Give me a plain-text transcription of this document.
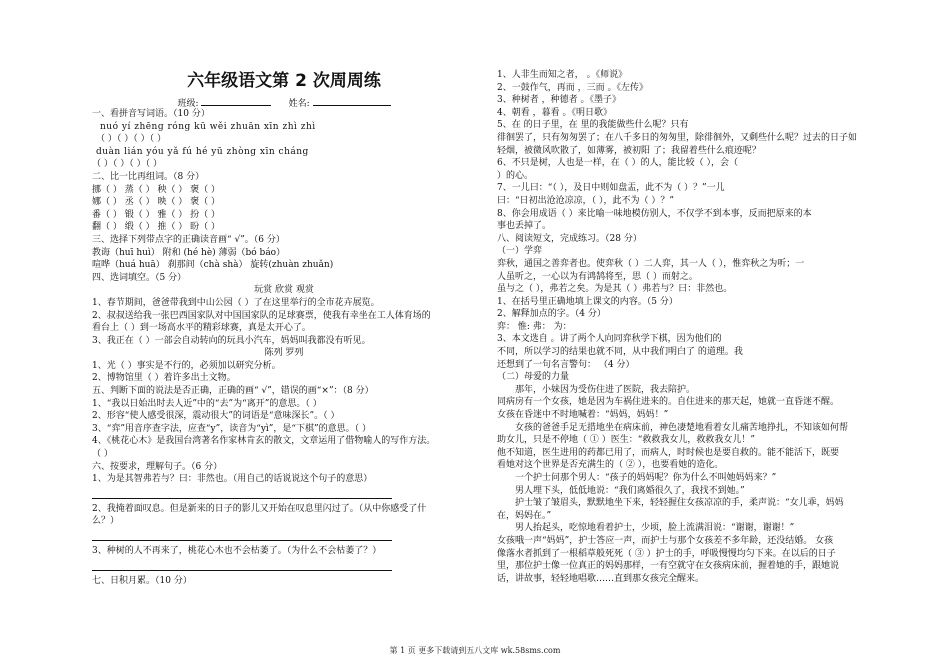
六年级语文第 2 次周周练
班级:	姓名:
一、看拼音写词语。（10 分）
nuó yí zhēng róng kū wěi zhuān xīn zhì zhì
（ ）（ ）（ ）（ ）
duàn lián yóu yǎ fú hé yū zhòng xīn cháng
（ ）（ ）（ ）（ ）
二、比一比再组词。（8 分）
挪（ ） 蒸（ ） 秧（ ） 褒（ ）
娜（ ） 丞（ ） 映（ ） 褒（ ）
番（ ） 锻（ ） 雅（ ） 扮（ ）
翻（ ） 缎（ ） 推（ ） 盼（ ）
三、选择下列带点字的正确读音画“ √”。（6 分）
教诲（huī huì） 附和 (hé hè) 薄弱（bó báo）
喧哗（huá huā） 刹那间（chà shà） 旋转(zhuàn zhuǎn)
四、选词填空。（5 分）
玩赏 欣赏 观赏
1、春节期间，爸爸带我到中山公园（ ）了在这里举行的全市花卉展览。
2、叔叔送给我一张巴西国家队对中国国家队的足球赛票，使我有幸坐在工人体育场的
看台上（ ）到一场高水平的精彩球赛，真是太开心了。
3、我正在（ ）一部会自动转向的玩具小汽车，妈妈叫我都没有听见。
陈列 罗列
1、光（ ）事实是不行的，必须加以研究分析。
2、博物馆里（ ）着许多出土文物。
五、判断下面的说法是否正确，正确的画“ √”，错误的画“×”：（8 分）
1、“我以日始出时去人近”中的“去”为“离开”的意思。（ ）
2、形容“使人感受很深，震动很大”的词语是“意味深长”。（ ）
3、“弈”用音序查字法，应查“y”，读音为“yì”，是“下棋”的意思。（ ）
4、《桃花心木》是我国台湾著名作家林肯玄的散文，文章运用了借物喻人的写作方法。
（ ）
六、按要求，理解句子。（6 分）
1、为是其智弗若与？曰：非然也。（用自己的话说说这个句子的意思）
2、我掩着面叹息。但是新来的日子的影儿又开始在叹息里闪过了。（从中你感受了什
么？）
3、种树的人不再来了，桃花心木也不会枯萎了。（为什么不会枯萎了？）
七、日积月累。（10 分）
1、人非生而知之者， 。《师说》
2、一鼓作气，再而 ，三而 。《左传》
3、种树者 ，种德者 。《墨子》
4、朝看 ，暮看 。《明日歌》
5、在 的日子里，在 里的我能做些什么呢？只有
徘徊罢了，只有匆匆罢了；在八千多日的匆匆里，除徘徊外，又剩些什么呢？过去的日子如
轻烟，被微风吹散了，如薄雾，被初阳 了；我留着些什么痕迹呢？
6、不只是树，人也是一样，在（ ）的人，能比较（ ），会（
）的心。
7、一儿曰：“（ ），及日中则如盘盂，此不为（ ）？”一儿
曰：“日初出沧沧凉凉，（ ），此不为（ ）？”
8、你会用成语（ ）来比喻一味地模仿别人，不仅学不到本事，反而把原来的本
事也丢掉了。
八、阅读短文，完成练习。（28 分）
（一）学弈
弈秋，通国之善弈者也。使弈秋（ ）二人弈，其一人（ ），惟弈秋之为听；一
人虽听之，一心以为有鸿鹄将至，思（ ）而射之。
虽与之（ ），弗若之矣。为是其（ ）弗若与？曰：非然也。
1、在括号里正确地填上课文的内容。（5 分）
2、解释加点的字。（4 分）
弈： 惟: 弗： 为：
3、本文选自 。讲了两个人向同弈秋学下棋，因为他们的
不同，所以学习的结果也就不同，从中我们明白了 的道理。我
还想到了一句名言警句： （4 分）
（二）母爱的力量
那年，小妹因为受伤住进了医院，我去陪护。
同病房有一个女孩，她是因为车祸住进来的。自住进来的那天起，她就一直昏迷不醒。
女孩在昏迷中不时地喊着：“妈妈，妈妈！”
女孩的爸爸手足无措地坐在病床前，神色凄楚地看着女儿痛苦地挣扎，不知该如何帮
助女儿，只是不停地（ ① ）医生：“救救我女儿，救救我女儿！”
他不知道，医生进用的药都已用了，而病人，时时候也是要自救的。能不能活下，既要
看她对这个世界是否充满生的（ ② ），也要看她的造化。
一个护士问那个男人：“孩子的妈妈呢？你为什么不叫她妈妈来？”
男人埋下头，低低地说：“我们离婚很久了，我找不到她。”
护士皱了皱眉头，默默地坐下来，轻轻握住女孩凉凉的手，柔声说：“女儿乖，妈妈
在，妈妈在。”
男人抬起头，吃惊地看着护士，少顷，脸上流满泪说：“谢谢，谢谢！”
女孩哦一声“妈妈”，护士答应一声，而护士与那个女孩差不多年龄，还没结婚。 女孩
像落水者抓到了一根稻草般死死（ ③ ）护士的手，呼吸慢慢均匀下来。在以后的日子
里，那位护士像一位真正的妈妈那样，一有空就守在女孩病床前，握着她的手，跟她说
话，讲故事，轻轻地唱歌……直到那女孩完全醒来。
第 1 页 更多下载请到五八文库 wk.58sms.com
